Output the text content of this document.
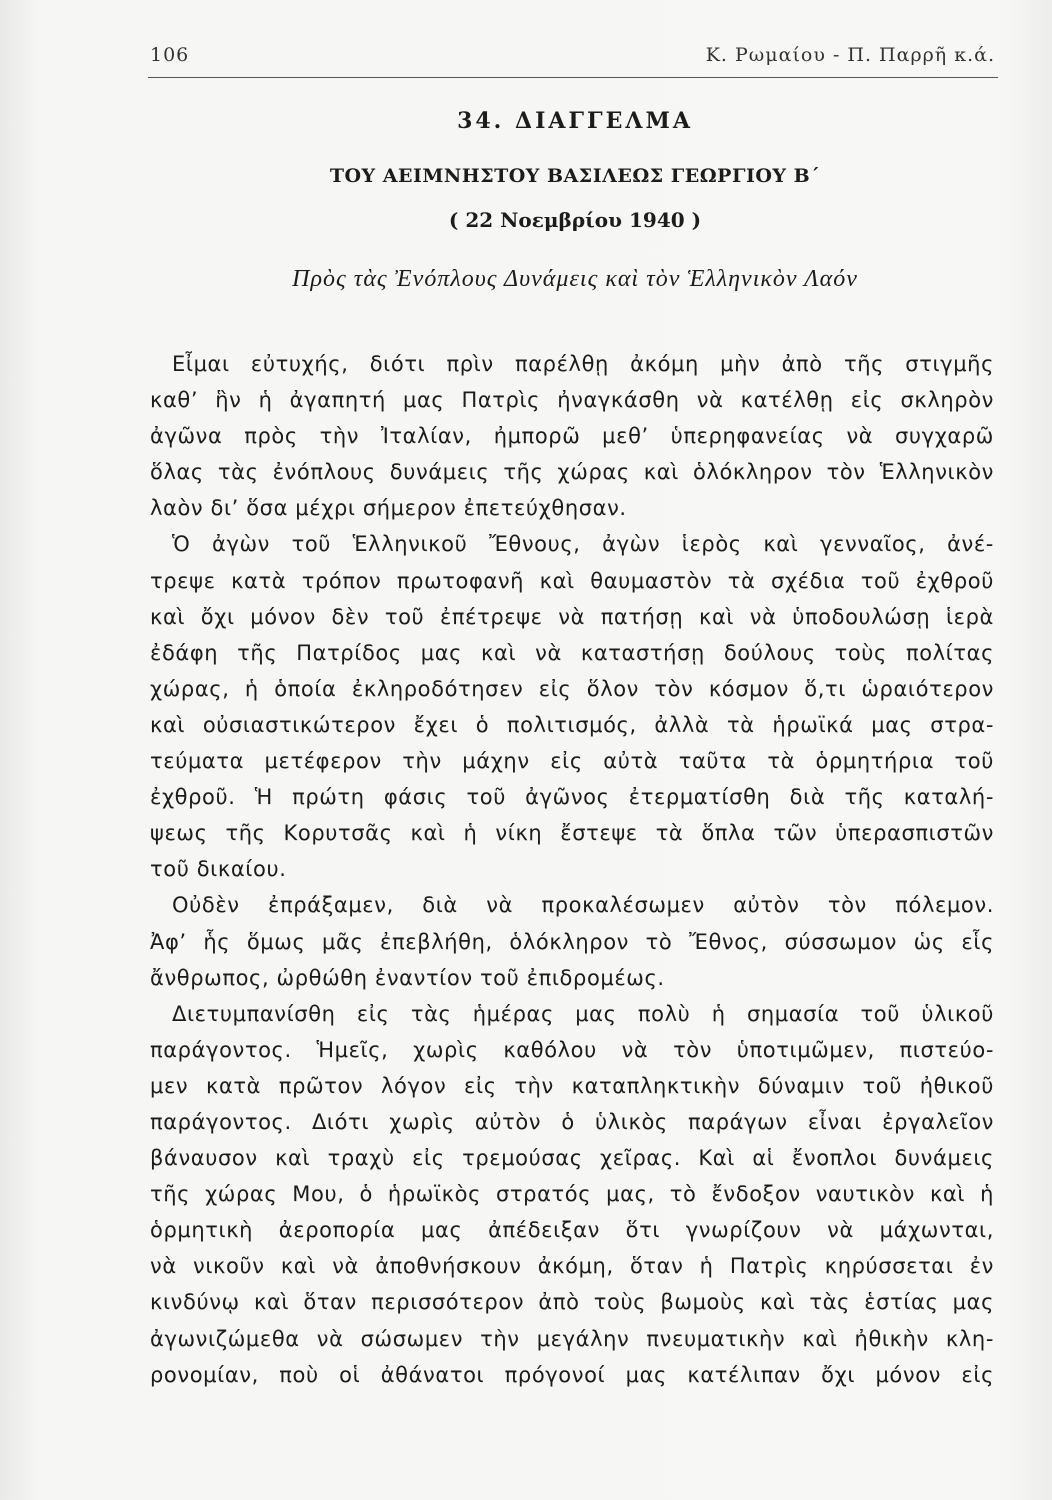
106	Κ. Ρωμαίου - Π. Παρρῆ κ.ά.
34. ΔΙΑΓΓΕΛΜΑ
ΤΟΥ ΑΕΙΜΝΗΣΤΟΥ ΒΑΣΙΛΕΩΣ ΓΕΩΡΓΙΟΥ Β΄
( 22 Νοεμβρίου 1940 )
Πρὸς τὰς Ἐνόπλους Δυνάμεις καὶ τὸν Ἑλληνικὸν Λαόν
Εἶμαι εὐτυχής, διότι πρὶν παρέλθῃ ἀκόμη μὴν ἀπὸ τῆς στιγμῆς
καθ’ ἣν ἡ ἀγαπητή μας Πατρὶς ἠναγκάσθη νὰ κατέλθῃ εἰς σκληρὸν
ἀγῶνα πρὸς τὴν Ἰταλίαν, ἠμπορῶ μεθ’ ὑπερηφανείας νὰ συγχαρῶ
ὅλας τὰς ἐνόπλους δυνάμεις τῆς χώρας καὶ ὁλόκληρον τὸν Ἑλληνικὸν
λαὸν δι’ ὅσα μέχρι σήμερον ἐπετεύχθησαν.
Ὁ ἀγὼν τοῦ Ἑλληνικοῦ Ἔθνους, ἀγὼν ἱερὸς καὶ γενναῖος, ἀνέ-
τρεψε κατὰ τρόπον πρωτοφανῆ καὶ θαυμαστὸν τὰ σχέδια τοῦ ἐχθροῦ
καὶ ὄχι μόνον δὲν τοῦ ἐπέτρεψε νὰ πατήσῃ καὶ νὰ ὑποδουλώσῃ ἱερὰ
ἐδάφη τῆς Πατρίδος μας καὶ νὰ καταστήσῃ δούλους τοὺς πολίτας
χώρας, ἡ ὁποία ἐκληροδότησεν εἰς ὅλον τὸν κόσμον ὅ,τι ὡραιότερον
καὶ οὐσιαστικώτερον ἔχει ὁ πολιτισμός, ἀλλὰ τὰ ἡρωϊκά μας στρα-
τεύματα μετέφερον τὴν μάχην εἰς αὐτὰ ταῦτα τὰ ὁρμητήρια τοῦ
ἐχθροῦ. Ἡ πρώτη φάσις τοῦ ἀγῶνος ἐτερματίσθη διὰ τῆς καταλή-
ψεως τῆς Κορυτσᾶς καὶ ἡ νίκη ἔστεψε τὰ ὅπλα τῶν ὑπερασπιστῶν
τοῦ δικαίου.
Οὐδὲν ἐπράξαμεν, διὰ νὰ προκαλέσωμεν αὐτὸν τὸν πόλεμον.
Ἀφ’ ἧς ὅμως μᾶς ἐπεβλήθη, ὁλόκληρον τὸ Ἔθνος, σύσσωμον ὡς εἷς
ἄνθρωπος, ὠρθώθη ἐναντίον τοῦ ἐπιδρομέως.
Διετυμπανίσθη εἰς τὰς ἡμέρας μας πολὺ ἡ σημασία τοῦ ὑλικοῦ
παράγοντος. Ἡμεῖς, χωρὶς καθόλου νὰ τὸν ὑποτιμῶμεν, πιστεύο-
μεν κατὰ πρῶτον λόγον εἰς τὴν καταπληκτικὴν δύναμιν τοῦ ἠθικοῦ
παράγοντος. Διότι χωρὶς αὐτὸν ὁ ὑλικὸς παράγων εἶναι ἐργαλεῖον
βάναυσον καὶ τραχὺ εἰς τρεμούσας χεῖρας. Καὶ αἱ ἔνοπλοι δυνάμεις
τῆς χώρας Μου, ὁ ἡρωϊκὸς στρατός μας, τὸ ἔνδοξον ναυτικὸν καὶ ἡ
ὁρμητικὴ ἀεροπορία μας ἀπέδειξαν ὅτι γνωρίζουν νὰ μάχωνται,
νὰ νικοῦν καὶ νὰ ἀποθνήσκουν ἀκόμη, ὅταν ἡ Πατρὶς κηρύσσεται ἐν
κινδύνῳ καὶ ὅταν περισσότερον ἀπὸ τοὺς βωμοὺς καὶ τὰς ἑστίας μας
ἀγωνιζώμεθα νὰ σώσωμεν τὴν μεγάλην πνευματικὴν καὶ ἠθικὴν κλη-
ρονομίαν, ποὺ οἱ ἀθάνατοι πρόγονοί μας κατέλιπαν ὄχι μόνον εἰς
